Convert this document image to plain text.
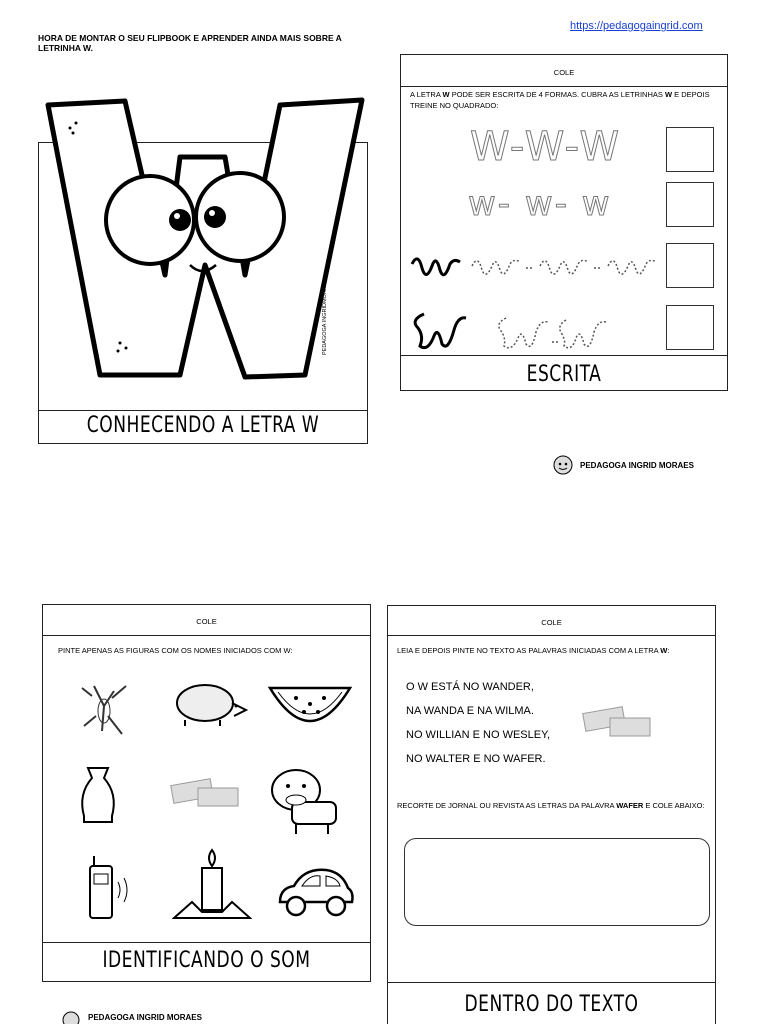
HORA DE MONTAR O SEU FLIPBOOK E APRENDER AINDA MAIS SOBRE A LETRINHA W.
https://pedagogaingrid.com
CONHECENDO A LETRA W
PEDAGOGA INGRIDMORAES
COLE
A LETRA W PODE SER ESCRITA DE 4 FORMAS. CUBRA AS LETRINHAS W E DEPOIS TREINE NO QUADRADO:
W-W-W
w- w- w
ESCRITA
PEDAGOGA INGRID MORAES
COLE
PINTE APENAS AS FIGURAS COM OS NOMES INICIADOS COM W:
IDENTIFICANDO O SOM
COLE
LEIA E DEPOIS PINTE NO TEXTO AS PALAVRAS INICIADAS COM A LETRA W:
O W ESTÁ NO WANDER,
NA WANDA E NA WILMA.
NO WILLIAN E NO WESLEY,
NO WALTER E NO WAFER.
RECORTE DE JORNAL OU REVISTA AS LETRAS DA PALAVRA WAFER E COLE ABAIXO:
DENTRO DO TEXTO
PEDAGOGA INGRID MORAES
